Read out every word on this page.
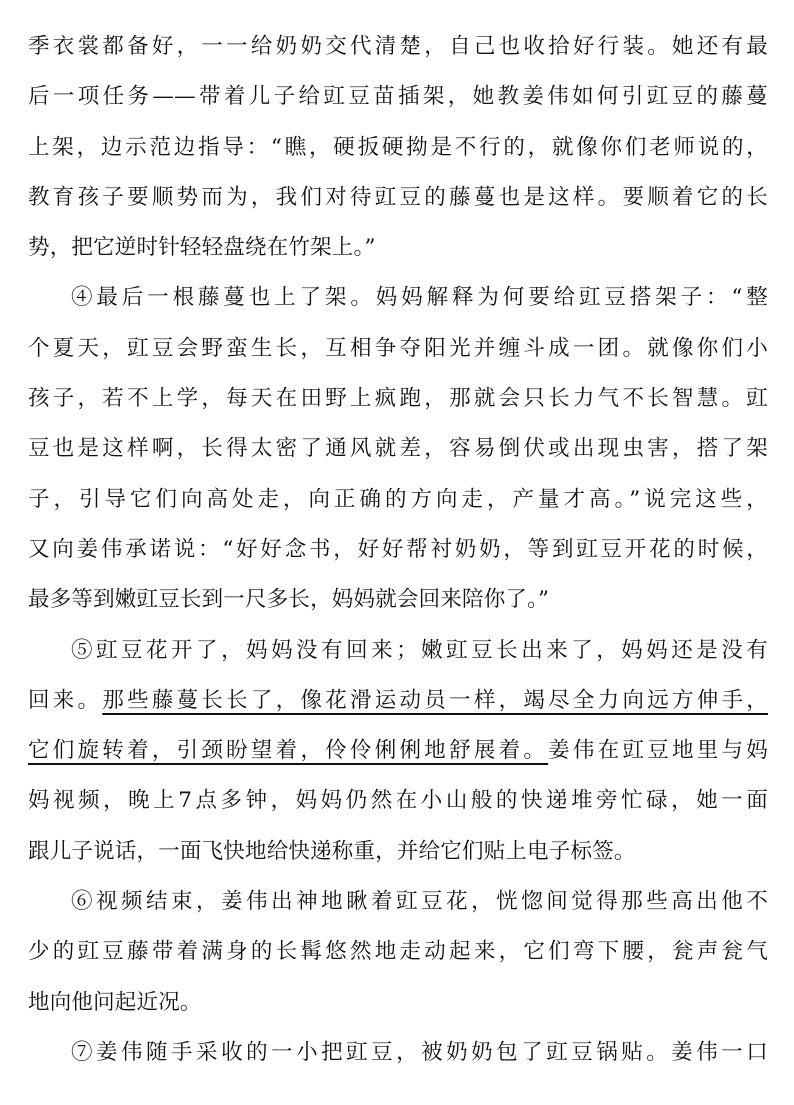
季衣裳都备好，一一给奶奶交代清楚，自己也收拾好行装。她还有最
后一项任务——带着儿子给豇豆苗插架，她教姜伟如何引豇豆的藤蔓
上架，边示范边指导：“瞧，硬扳硬拗是不行的，就像你们老师说的，
教育孩子要顺势而为，我们对待豇豆的藤蔓也是这样。要顺着它的长
势，把它逆时针轻轻盘绕在竹架上。”
④最后一根藤蔓也上了架。妈妈解释为何要给豇豆搭架子：“整
个夏天，豇豆会野蛮生长，互相争夺阳光并缠斗成一团。就像你们小
孩子，若不上学，每天在田野上疯跑，那就会只长力气不长智慧。豇
豆也是这样啊，长得太密了通风就差，容易倒伏或出现虫害，搭了架
子，引导它们向高处走，向正确的方向走，产量才高。”说完这些，
又向姜伟承诺说：“好好念书，好好帮衬奶奶，等到豇豆开花的时候，
最多等到嫩豇豆长到一尺多长，妈妈就会回来陪你了。”
⑤豇豆花开了，妈妈没有回来；嫩豇豆长出来了，妈妈还是没有
回来。那些藤蔓长长了，像花滑运动员一样，竭尽全力向远方伸手，
它们旋转着，引颈盼望着，伶伶俐俐地舒展着。姜伟在豇豆地里与妈
妈视频，晚上7点多钟，妈妈仍然在小山般的快递堆旁忙碌，她一面
跟儿子说话，一面飞快地给快递称重，并给它们贴上电子标签。
⑥视频结束，姜伟出神地瞅着豇豆花，恍惚间觉得那些高出他不
少的豇豆藤带着满身的长髯悠然地走动起来，它们弯下腰，瓮声瓮气
地向他问起近况。
⑦姜伟随手采收的一小把豇豆，被奶奶包了豇豆锅贴。姜伟一口
